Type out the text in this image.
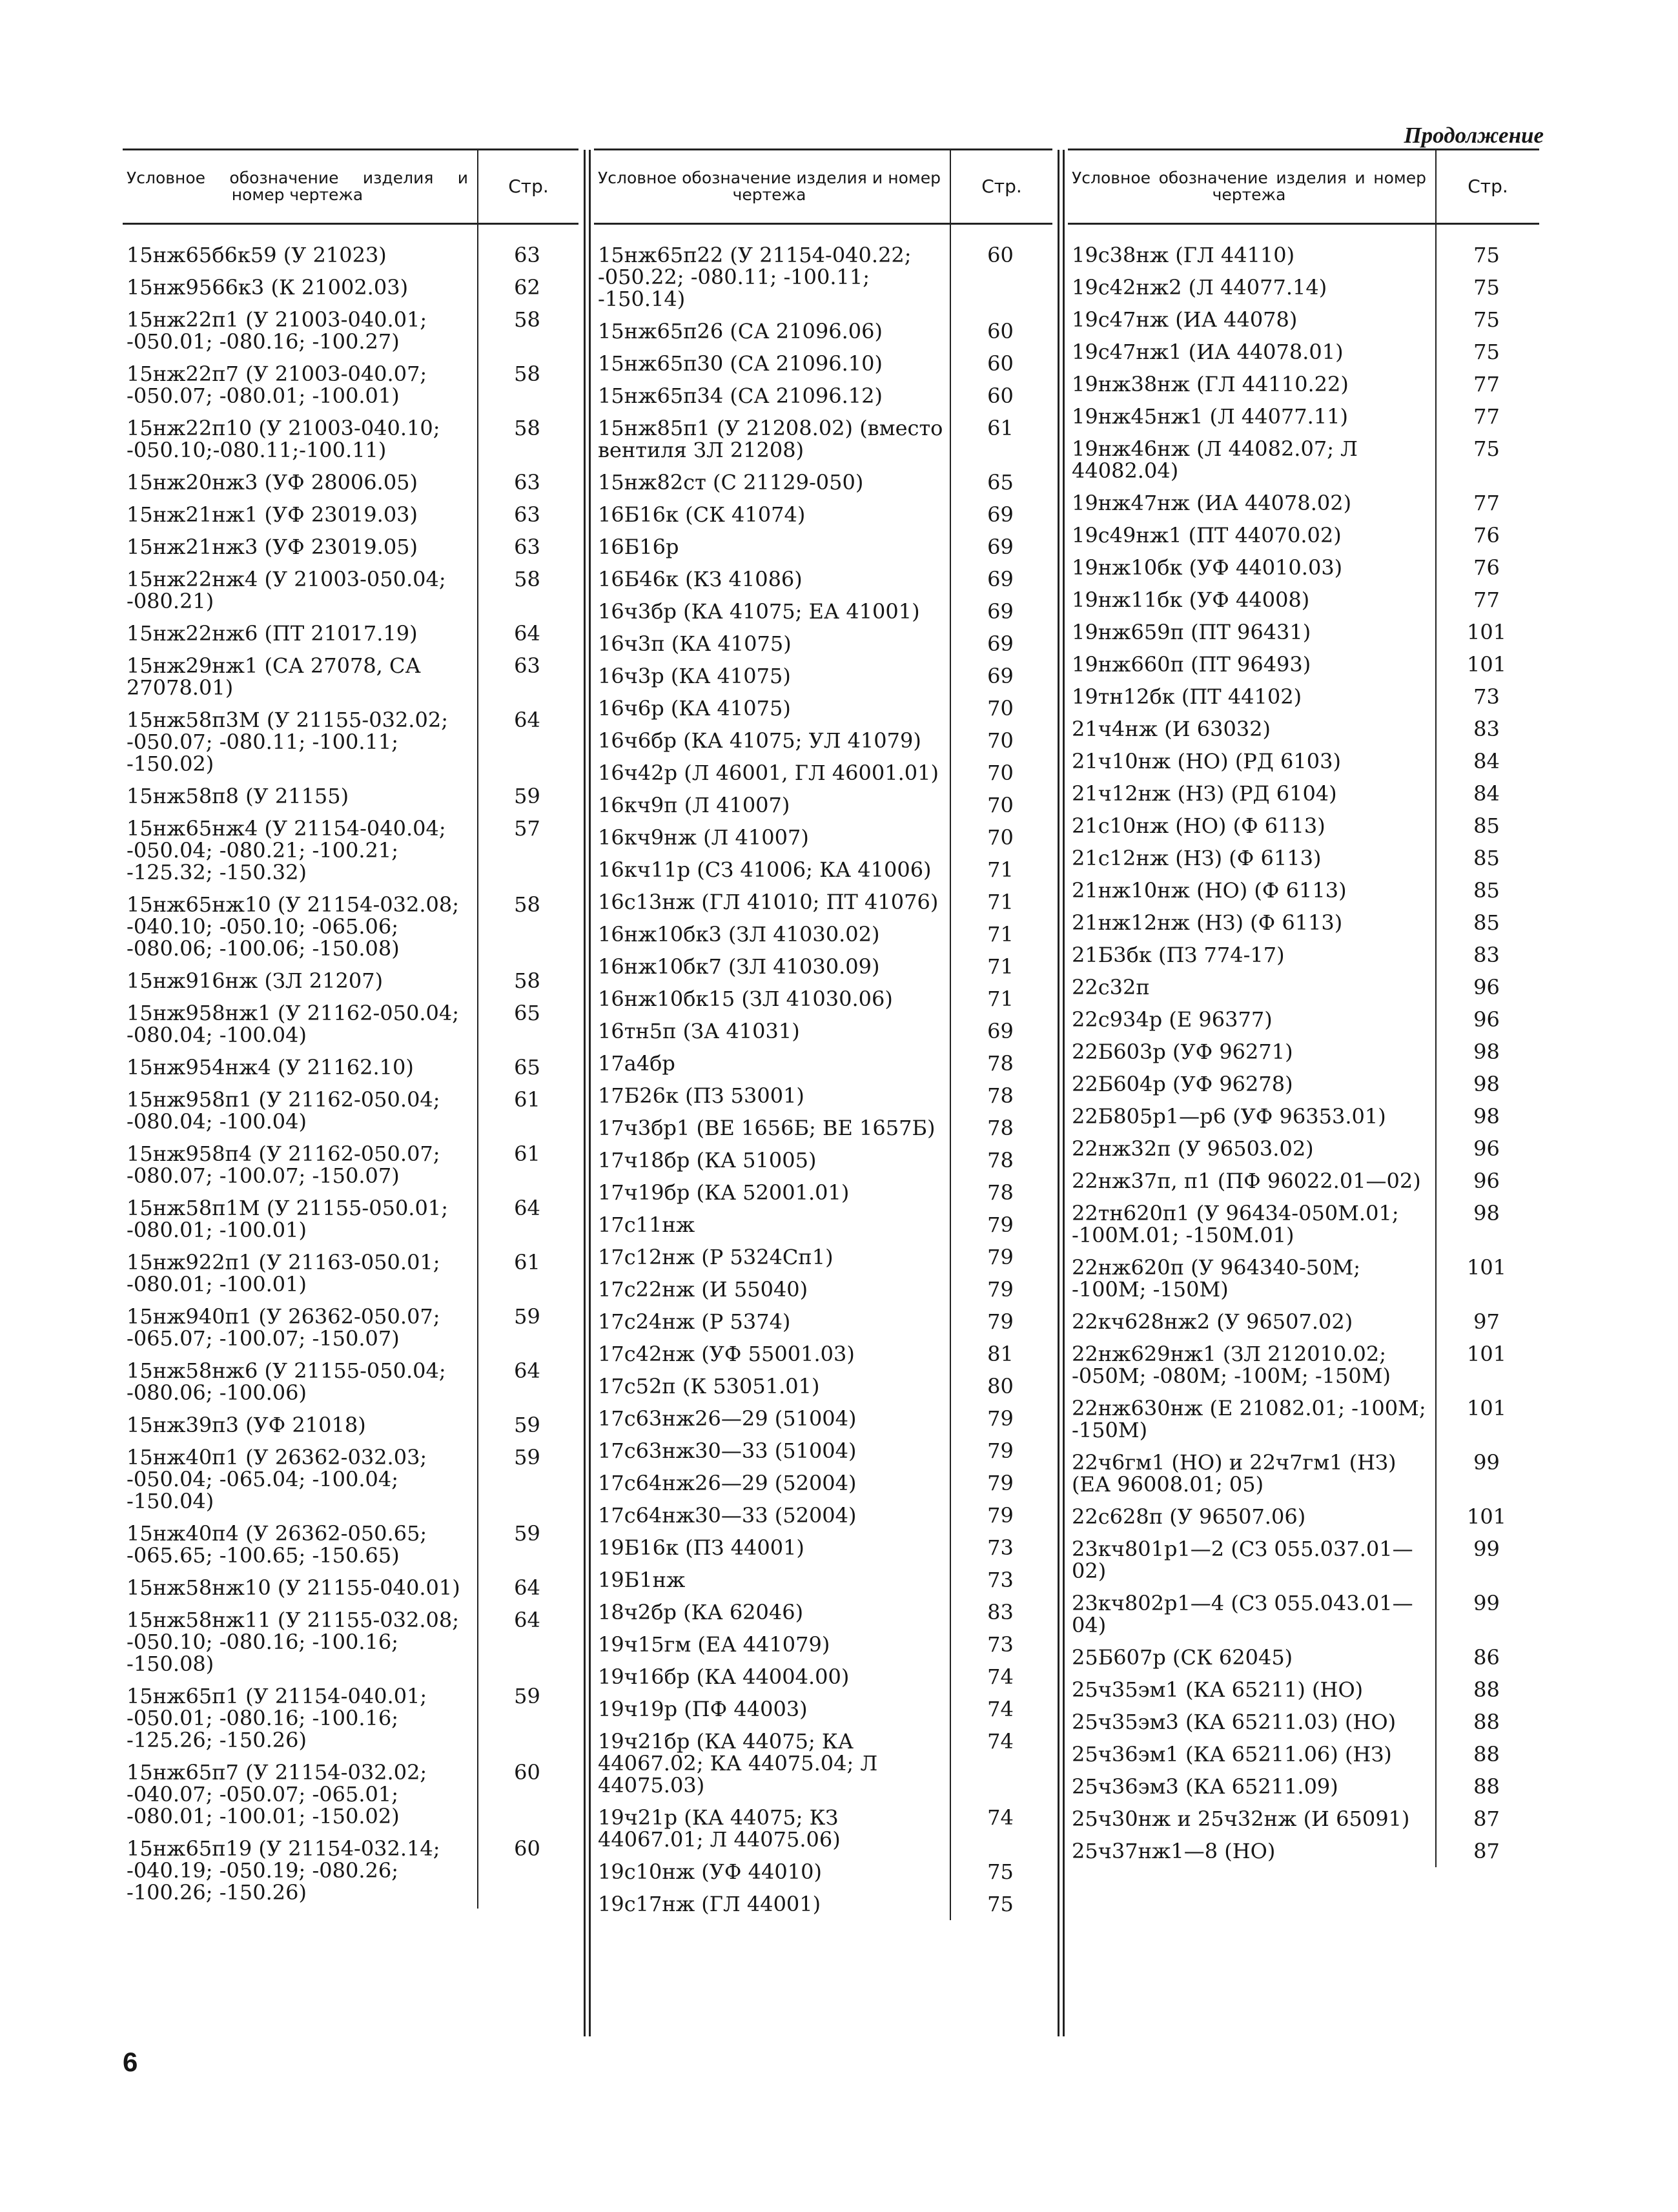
Продолжение
Условное обозначение изделия и номер чертежа	Стр.
15нж65б6к59 (У 21023)	63
15нж9566к3 (К 21002.03)	62
15нж22п1 (У 21003-040.01; -050.01; -080.16; -100.27)	58
15нж22п7 (У 21003-040.07; -050.07; -080.01; -100.01)	58
15нж22п10 (У 21003-040.10; -050.10;-080.11;-100.11)	58
15нж20нж3 (УФ 28006.05)	63
15нж21нж1 (УФ 23019.03)	63
15нж21нж3 (УФ 23019.05)	63
15нж22нж4 (У 21003-050.04; -080.21)	58
15нж22нж6 (ПТ 21017.19)	64
15нж29нж1 (СА 27078, СА 27078.01)	63
15нж58п3М (У 21155-032.02; -050.07; -080.11; -100.11; -150.02)	64
15нж58п8 (У 21155)	59
15нж65нж4 (У 21154-040.04; -050.04; -080.21; -100.21; -125.32; -150.32)	57
15нж65нж10 (У 21154-032.08; -040.10; -050.10; -065.06; -080.06; -100.06; -150.08)	58
15нж916нж (ЗЛ 21207)	58
15нж958нж1 (У 21162-050.04; -080.04; -100.04)	65
15нж954нж4 (У 21162.10)	65
15нж958п1 (У 21162-050.04; -080.04; -100.04)	61
15нж958п4 (У 21162-050.07; -080.07; -100.07; -150.07)	61
15нж58п1М (У 21155-050.01; -080.01; -100.01)	64
15нж922п1 (У 21163-050.01; -080.01; -100.01)	61
15нж940п1 (У 26362-050.07; -065.07; -100.07; -150.07)	59
15нж58нж6 (У 21155-050.04; -080.06; -100.06)	64
15нж39п3 (УФ 21018)	59
15нж40п1 (У 26362-032.03; -050.04; -065.04; -100.04; -150.04)	59
15нж40п4 (У 26362-050.65; -065.65; -100.65; -150.65)	59
15нж58нж10 (У 21155-040.01)	64
15нж58нж11 (У 21155-032.08; -050.10; -080.16; -100.16; -150.08)	64
15нж65п1 (У 21154-040.01; -050.01; -080.16; -100.16; -125.26; -150.26)	59
15нж65п7 (У 21154-032.02; -040.07; -050.07; -065.01; -080.01; -100.01; -150.02)	60
15нж65п19 (У 21154-032.14; -040.19; -050.19; -080.26; -100.26; -150.26)	60
Условное обозначение изделия и номер чертежа	Стр.
15нж65п22 (У 21154-040.22; -050.22; -080.11; -100.11; -150.14)	60
15нж65п26 (СА 21096.06)	60
15нж65п30 (СА 21096.10)	60
15нж65п34 (СА 21096.12)	60
15нж85п1 (У 21208.02) (вместо вентиля ЗЛ 21208)	61
15нж82ст (С 21129-050)	65
16Б16к (СК 41074)	69
16Б16р	69
16Б46к (КЗ 41086)	69
16ч3бр (КА 41075; ЕА 41001)	69
16ч3п (КА 41075)	69
16ч3р (КА 41075)	69
16ч6р (КА 41075)	70
16ч6бр (КА 41075; УЛ 41079)	70
16ч42р (Л 46001, ГЛ 46001.01)	70
16кч9п (Л 41007)	70
16кч9нж (Л 41007)	70
16кч11р (СЗ 41006; КА 41006)	71
16с13нж (ГЛ 41010; ПТ 41076)	71
16нж10бк3 (ЗЛ 41030.02)	71
16нж10бк7 (ЗЛ 41030.09)	71
16нж10бк15 (ЗЛ 41030.06)	71
16тн5п (ЗА 41031)	69
17а4бр	78
17Б26к (ПЗ 53001)	78
17ч3бр1 (ВЕ 1656Б; ВЕ 1657Б)	78
17ч18бр (КА 51005)	78
17ч19бр (КА 52001.01)	78
17с11нж	79
17с12нж (Р 5324Сп1)	79
17с22нж (И 55040)	79
17с24нж (Р 5374)	79
17с42нж (УФ 55001.03)	81
17с52п (К 53051.01)	80
17с63нж26—29 (51004)	79
17с63нж30—33 (51004)	79
17с64нж26—29 (52004)	79
17с64нж30—33 (52004)	79
19Б16к (ПЗ 44001)	73
19Б1нж	73
18ч2бр (КА 62046)	83
19ч15гм (ЕА 441079)	73
19ч16бр (КА 44004.00)	74
19ч19р (ПФ 44003)	74
19ч21бр (КА 44075; КА 44067.02; КА 44075.04; Л 44075.03)	74
19ч21р (КА 44075; КЗ 44067.01; Л 44075.06)	74
19с10нж (УФ 44010)	75
19с17нж (ГЛ 44001)	75
Условное обозначение изделия и номер чертежа	Стр.
19с38нж (ГЛ 44110)	75
19с42нж2 (Л 44077.14)	75
19с47нж (ИА 44078)	75
19с47нж1 (ИА 44078.01)	75
19нж38нж (ГЛ 44110.22)	77
19нж45нж1 (Л 44077.11)	77
19нж46нж (Л 44082.07; Л 44082.04)	75
19нж47нж (ИА 44078.02)	77
19с49нж1 (ПТ 44070.02)	76
19нж10бк (УФ 44010.03)	76
19нж11бк (УФ 44008)	77
19нж659п (ПТ 96431)	101
19нж660п (ПТ 96493)	101
19тн12бк (ПТ 44102)	73
21ч4нж (И 63032)	83
21ч10нж (НО) (РД 6103)	84
21ч12нж (НЗ) (РД 6104)	84
21с10нж (НО) (Ф 6113)	85
21с12нж (НЗ) (Ф 6113)	85
21нж10нж (НО) (Ф 6113)	85
21нж12нж (НЗ) (Ф 6113)	85
21Б3бк (ПЗ 774-17)	83
22с32п	96
22с934р (Е 96377)	96
22Б603р (УФ 96271)	98
22Б604р (УФ 96278)	98
22Б805р1—р6 (УФ 96353.01)	98
22нж32п (У 96503.02)	96
22нж37п, п1 (ПФ 96022.01—02)	96
22тн620п1 (У 96434-050М.01; -100М.01; -150М.01)	98
22нж620п (У 964340-50М; -100М; -150М)	101
22кч628нж2 (У 96507.02)	97
22нж629нж1 (ЗЛ 212010.02; -050М; -080М; -100М; -150М)	101
22нж630нж (Е 21082.01; -100М; -150М)	101
22ч6гм1 (НО) и 22ч7гм1 (НЗ) (ЕА 96008.01; 05)	99
22с628п (У 96507.06)	101
23кч801р1—2 (СЗ 055.037.01—02)	99
23кч802р1—4 (СЗ 055.043.01—04)	99
25Б607р (СК 62045)	86
25ч35эм1 (КА 65211) (НО)	88
25ч35эм3 (КА 65211.03) (НО)	88
25ч36эм1 (КА 65211.06) (НЗ)	88
25ч36эм3 (КА 65211.09)	88
25ч30нж и 25ч32нж (И 65091)	87
25ч37нж1—8 (НО)	87
6
